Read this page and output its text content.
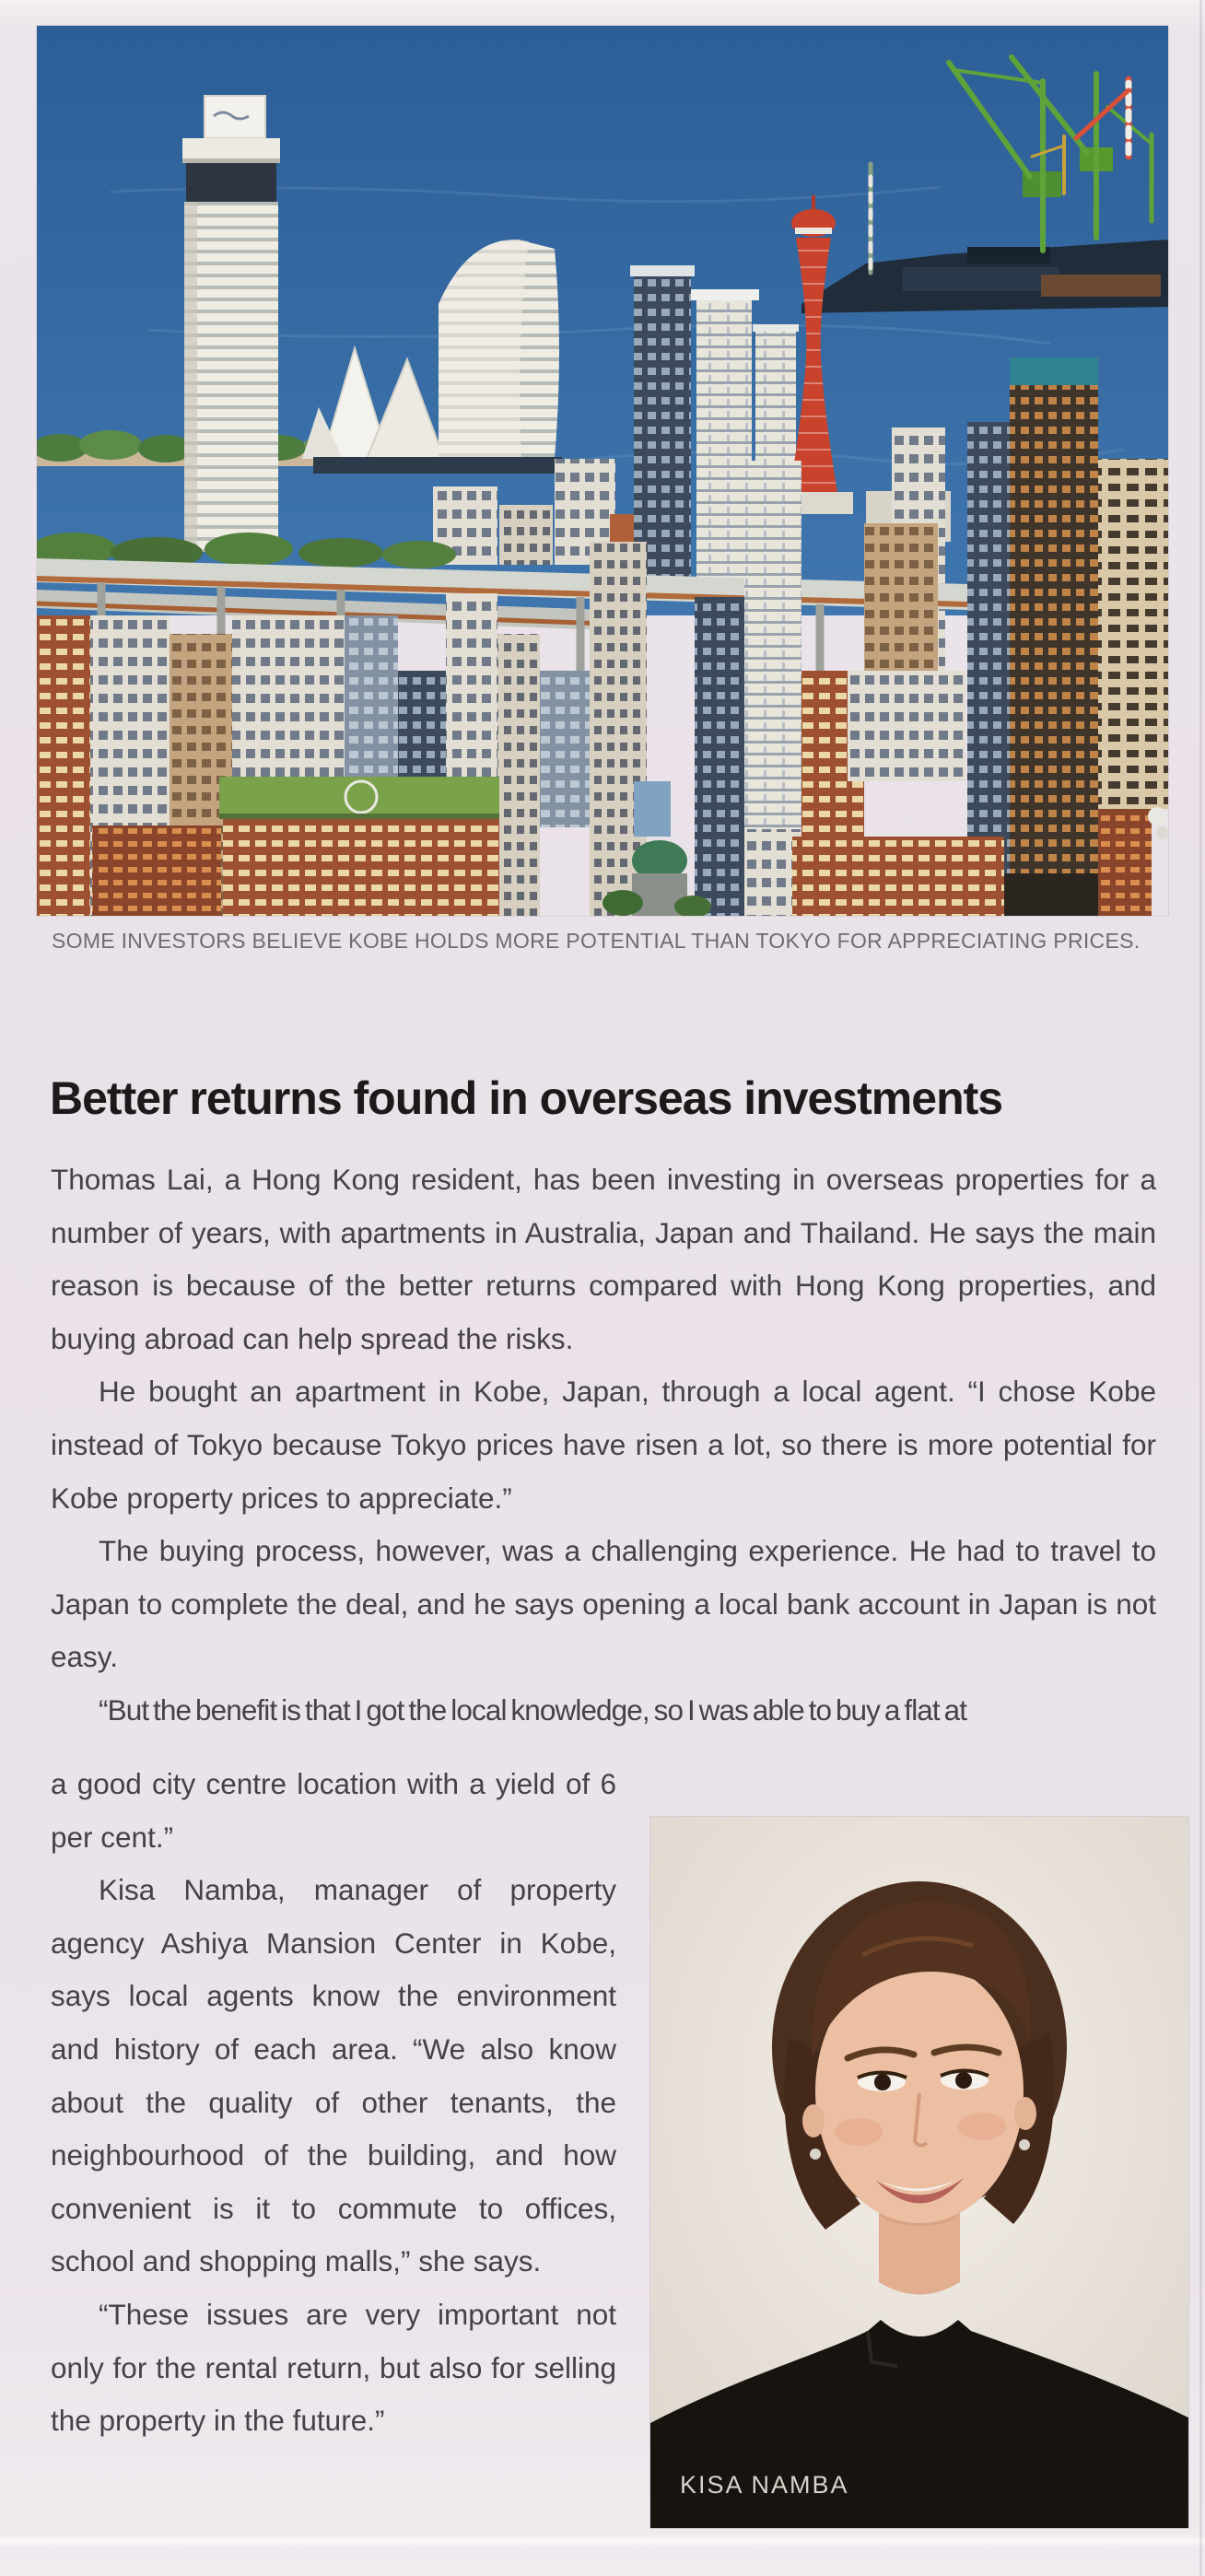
SOME INVESTORS BELIEVE KOBE HOLDS MORE POTENTIAL THAN TOKYO FOR APPRECIATING PRICES.
Better returns found in overseas investments

Thomas Lai, a Hong Kong resident, has been investing in overseas properties for a number of years, with apartments in Australia, Japan and Thailand. He says the main reason is because of the better returns compared with Hong Kong properties, and buying abroad can help spread the risks.

He bought an apartment in Kobe, Japan, through a local agent. “I chose Kobe instead of Tokyo because Tokyo prices have risen a lot, so there is more potential for Kobe property prices to appreciate.”

The buying process, however, was a challenging experience. He had to travel to Japan to complete the deal, and he says opening a local bank account in Japan is not easy.

“But the benefit is that I got the local knowledge, so I was able to buy a flat at

a good city centre location with a yield of 6 per cent.”

Kisa Namba, manager of property agency Ashiya Mansion Center in Kobe, says local agents know the environment and history of each area. “We also know about the quality of other tenants, the neighbourhood of the building, and how convenient is it to commute to offices, school and shopping malls,” she says.

“These issues are very important not only for the rental return, but also for selling the property in the future.”

KISA NAMBA
